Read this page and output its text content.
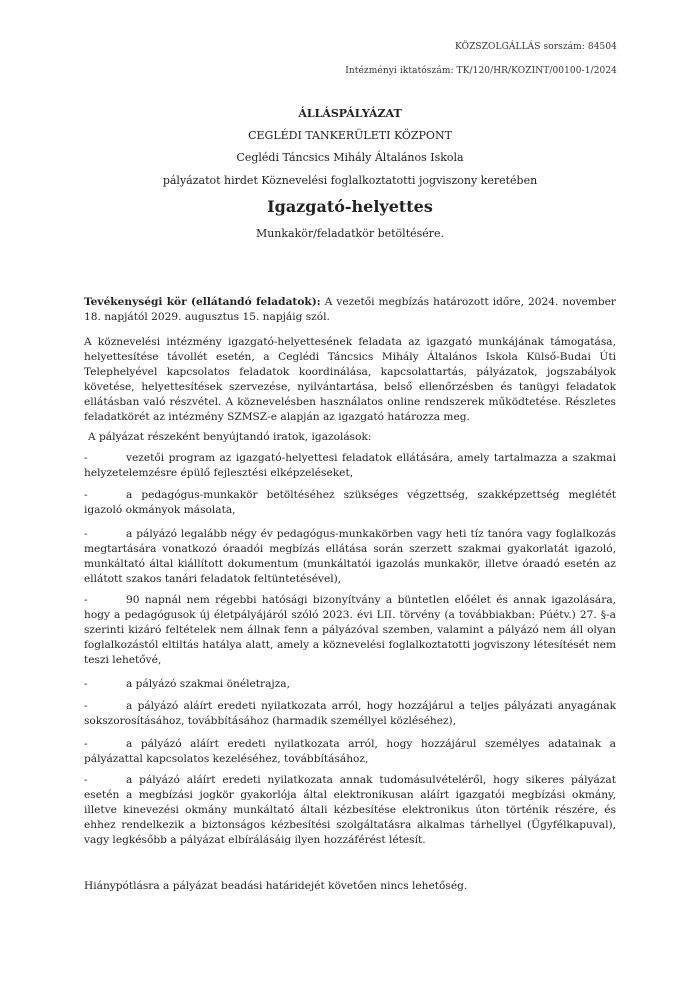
KÖZSZOLGÁLLÁS sorszám: 84504
Intézményi iktatószám: TK/120/HR/KOZINT/00100-1/2024
ÁLLÁSPÁLYÁZAT
CEGLÉDI TANKERÜLETI KÖZPONT
Ceglédi Táncsics Mihály Általános Iskola
pályázatot hirdet Köznevelési foglalkoztatotti jogviszony keretében
Igazgató-helyettes
Munkakör/feladatkör betöltésére.

Tevékenységi kör (ellátandó feladatok): A vezetői megbízás határozott időre, 2024. november 18. napjától 2029. augusztus 15. napjáig szól.

A köznevelési intézmény igazgató-helyettesének feladata az igazgató munkájának támogatása, helyettesítése távollét esetén, a Ceglédi Táncsics Mihály Általános Iskola Külső-Budai Úti Telephelyével kapcsolatos feladatok koordinálása, kapcsolattartás, pályázatok, jogszabályok követése, helyettesítések szervezése, nyilvántartása, belső ellenőrzésben és tanügyi feladatok ellátásban való részvétel. A köznevelésben használatos online rendszerek működtetése. Részletes feladatkörét az intézmény SZMSZ-e alapján az igazgató határozza meg.
A pályázat részeként benyújtandó iratok, igazolások:
-	vezetői program az igazgató-helyettesi feladatok ellátására, amely tartalmazza a szakmai helyzetelemzésre épülő fejlesztési elképzeléseket,
-	a pedagógus-munkakör betöltéséhez szükséges végzettség, szakképzettség meglétét igazoló okmányok másolata,
-	a pályázó legalább négy év pedagógus-munkakörben vagy heti tíz tanóra vagy foglalkozás megtartására vonatkozó óraadói megbízás ellátása során szerzett szakmai gyakorlatát igazoló, munkáltató által kiállított dokumentum (munkáltatói igazolás munkakör, illetve óraadó esetén az ellátott szakos tanári feladatok feltüntetésével),
-	90 napnál nem régebbi hatósági bizonyítvány a büntetlen előélet és annak igazolására, hogy a pedagógusok új életpályájáról szóló 2023. évi LII. törvény (a továbbiakban: Púétv.) 27. §-a szerinti kizáró feltételek nem állnak fenn a pályázóval szemben, valamint a pályázó nem áll olyan foglalkozástól eltiltás hatálya alatt, amely a köznevelési foglalkoztatotti jogviszony létesítését nem teszi lehetővé,
-	a pályázó szakmai önéletrajza,
-	a pályázó aláírt eredeti nyilatkozata arról, hogy hozzájárul a teljes pályázati anyagának sokszorosításához, továbbításához (harmadik személlyel közléséhez),
-	a pályázó aláírt eredeti nyilatkozata arról, hogy hozzájárul személyes adatainak a pályázattal kapcsolatos kezeléséhez, továbbításához,
-	a pályázó aláírt eredeti nyilatkozata annak tudomásulvételéről, hogy sikeres pályázat esetén a megbízási jogkör gyakorlója által elektronikusan aláírt igazgatói megbízási okmány, illetve kinevezési okmány munkáltató általi kézbesítése elektronikus úton történik részére, és ehhez rendelkezik a biztonságos kézbesítési szolgáltatásra alkalmas tárhellyel (Ügyfélkapuval), vagy legkésőbb a pályázat elbírálásáig ilyen hozzáférést létesít.
Hiánypótlásra a pályázat beadási határidejét követően nincs lehetőség.
